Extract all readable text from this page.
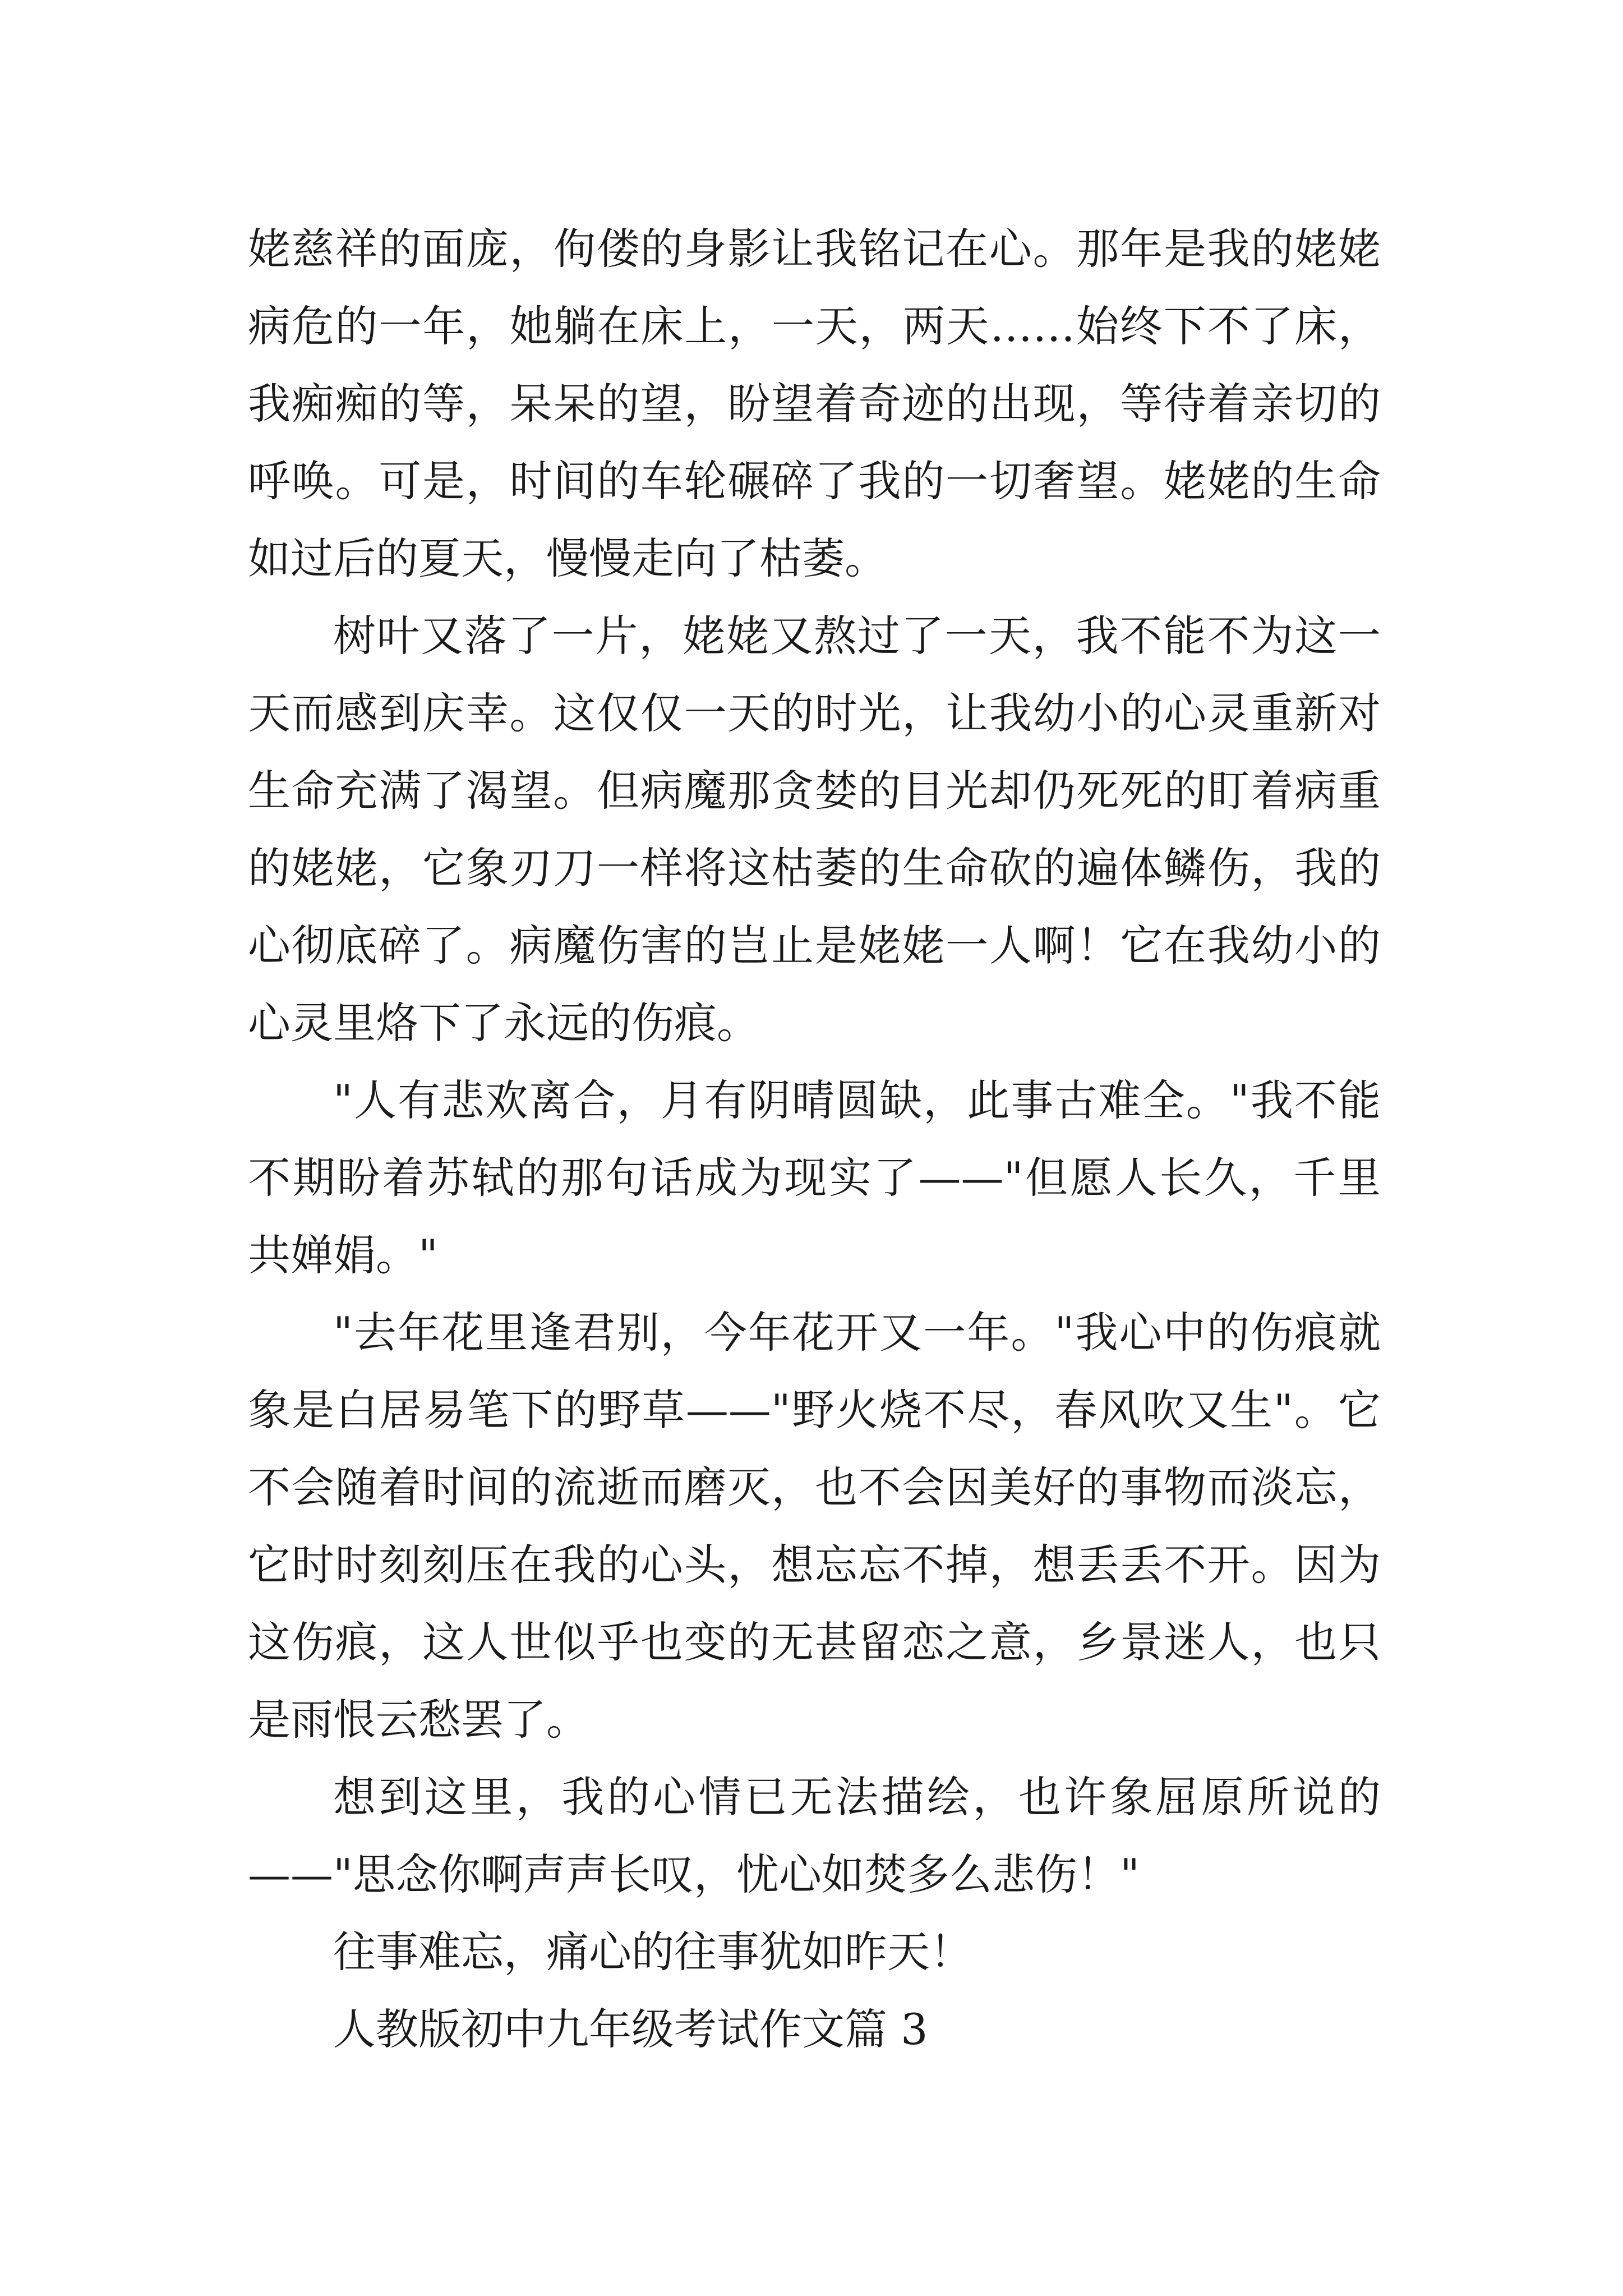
姥慈祥的面庞，佝偻的身影让我铭记在心。那年是我的姥姥
病危的一年，她躺在床上，一天，两天……始终下不了床，
我痴痴的等，呆呆的望，盼望着奇迹的出现，等待着亲切的
呼唤。可是，时间的车轮碾碎了我的一切奢望。姥姥的生命
如过后的夏天，慢慢走向了枯萎。
树叶又落了一片，姥姥又熬过了一天，我不能不为这一
天而感到庆幸。这仅仅一天的时光，让我幼小的心灵重新对
生命充满了渴望。但病魔那贪婪的目光却仍死死的盯着病重
的姥姥，它象刃刀一样将这枯萎的生命砍的遍体鳞伤，我的
心彻底碎了。病魔伤害的岂止是姥姥一人啊！它在我幼小的
心灵里烙下了永远的伤痕。
"人有悲欢离合，月有阴晴圆缺，此事古难全。"我不能
不期盼着苏轼的那句话成为现实了——"但愿人长久，千里
共婵娟。"
"去年花里逢君别，今年花开又一年。"我心中的伤痕就
象是白居易笔下的野草——"野火烧不尽，春风吹又生"。它
不会随着时间的流逝而磨灭，也不会因美好的事物而淡忘，
它时时刻刻压在我的心头，想忘忘不掉，想丢丢不开。因为
这伤痕，这人世似乎也变的无甚留恋之意，乡景迷人，也只
是雨恨云愁罢了。
想到这里，我的心情已无法描绘，也许象屈原所说的
——"思念你啊声声长叹，忧心如焚多么悲伤！"
往事难忘，痛心的往事犹如昨天！
人教版初中九年级考试作文篇 3
